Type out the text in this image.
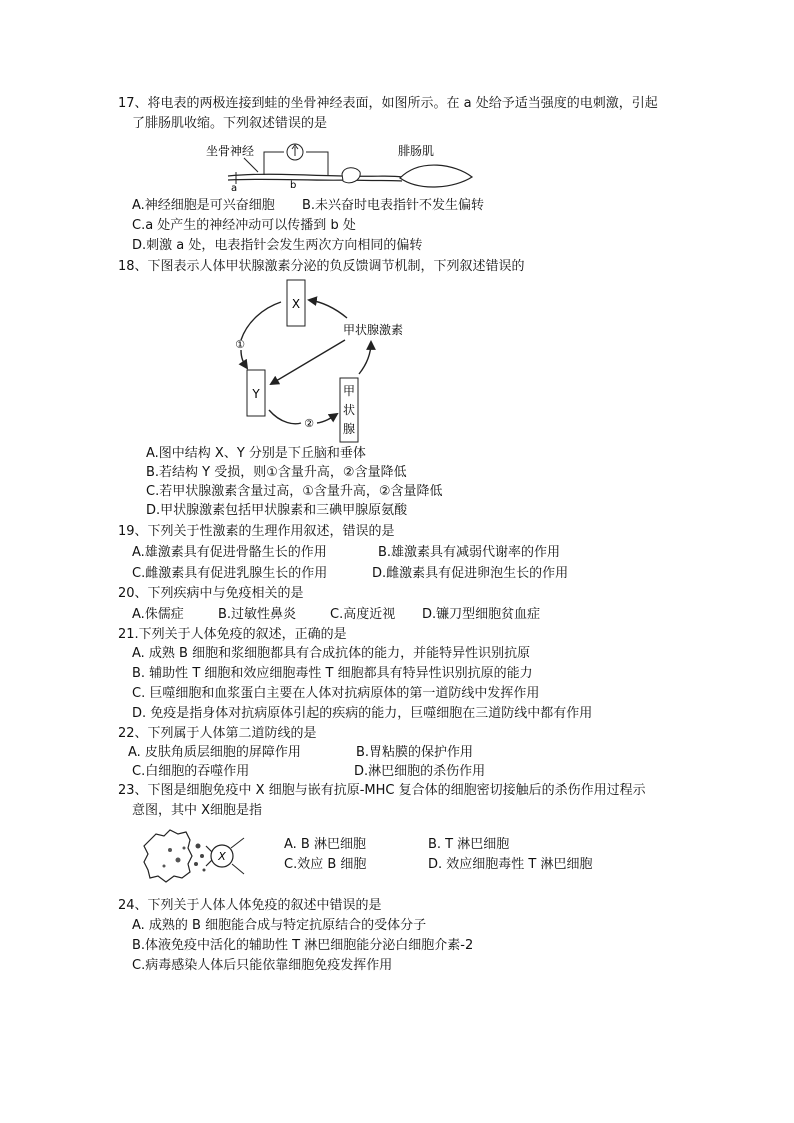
17、将电表的两极连接到蛙的坐骨神经表面，如图所示。在 a 处给予适当强度的电刺激，引起
了腓肠肌收缩。下列叙述错误的是
坐骨神经
a	b
腓肠肌
A.神经细胞是可兴奋细胞 B.未兴奋时电表指针不发生偏转
C.a 处产生的神经冲动可以传播到 b 处
D.刺激 a 处，电表指针会发生两次方向相同的偏转
18、下图表示人体甲状腺激素分泌的负反馈调节机制，下列叙述错误的
X
Y	甲
状
腺
甲状腺激素
①
②
A.图中结构 X、Y 分别是下丘脑和垂体
B.若结构 Y 受损，则①含量升高，②含量降低
C.若甲状腺激素含量过高，①含量升高，②含量降低
D.甲状腺激素包括甲状腺素和三碘甲腺原氨酸
19、下列关于性激素的生理作用叙述，错误的是
A.雄激素具有促进骨骼生长的作用	B.雄激素具有减弱代谢率的作用
C.雌激素具有促进乳腺生长的作用	D.雌激素具有促进卵泡生长的作用
20、下列疾病中与免疫相关的是
A.侏儒症	B.过敏性鼻炎	C.高度近视 D.镰刀型细胞贫血症
21.下列关于人体免疫的叙述，正确的是
A. 成熟 B 细胞和浆细胞都具有合成抗体的能力，并能特异性识别抗原
B. 辅助性 T 细胞和效应细胞毒性 T 细胞都具有特异性识别抗原的能力
C. 巨噬细胞和血浆蛋白主要在人体对抗病原体的第一道防线中发挥作用
D. 免疫是指身体对抗病原体引起的疾病的能力，巨噬细胞在三道防线中都有作用
22、下列属于人体第二道防线的是
A. 皮肤角质层细胞的屏障作用	B.胃粘膜的保护作用
C.白细胞的吞噬作用	D.淋巴细胞的杀伤作用
23、下图是细胞免疫中 X 细胞与嵌有抗原-MHC 复合体的细胞密切接触后的杀伤作用过程示
意图，其中 X细胞是指
X
A. B 淋巴细胞	B. T 淋巴细胞
C.效应 B 细胞	D. 效应细胞毒性 T 淋巴细胞
24、下列关于人体人体免疫的叙述中错误的是
A. 成熟的 B 细胞能合成与特定抗原结合的受体分子
B.体液免疫中活化的辅助性 T 淋巴细胞能分泌白细胞介素-2
C.病毒感染人体后只能依靠细胞免疫发挥作用
